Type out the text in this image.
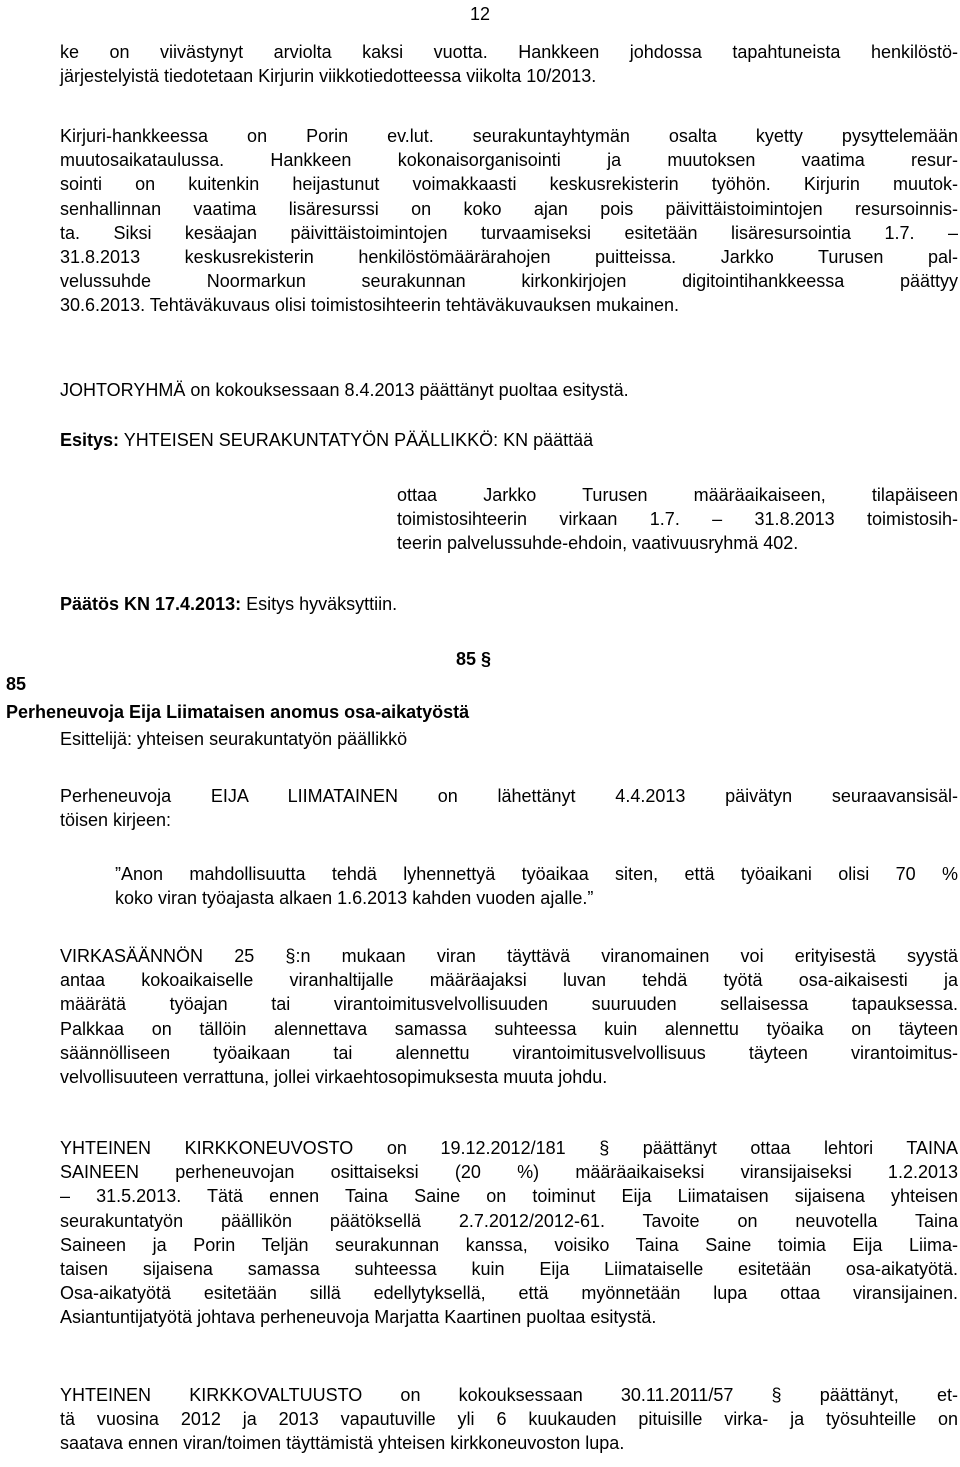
12
ke on viivästynyt arviolta kaksi vuotta. Hankkeen johdossa tapahtuneista henkilöstö-
järjestelyistä tiedotetaan Kirjurin viikkotiedotteessa viikolta 10/2013.
Kirjuri-hankkeessa on Porin ev.lut. seurakuntayhtymän osalta kyetty pysyttelemään
muutosaikataulussa. Hankkeen kokonaisorganisointi ja muutoksen vaatima resur-
sointi on kuitenkin heijastunut voimakkaasti keskusrekisterin työhön. Kirjurin muutok-
senhallinnan vaatima lisäresurssi on koko ajan pois päivittäistoimintojen resursoinnis-
ta. Siksi kesäajan päivittäistoimintojen turvaamiseksi esitetään lisäresursointia 1.7. –
31.8.2013 keskusrekisterin henkilöstömäärärahojen puitteissa. Jarkko Turusen pal-
velussuhde Noormarkun seurakunnan kirkonkirjojen digitointihankkeessa päättyy
30.6.2013. Tehtäväkuvaus olisi toimistosihteerin tehtäväkuvauksen mukainen.
JOHTORYHMÄ on kokouksessaan 8.4.2013 päättänyt puoltaa esitystä.
Esitys: YHTEISEN SEURAKUNTATYÖN PÄÄLLIKKÖ: KN päättää
ottaa Jarkko Turusen määräaikaiseen, tilapäiseen
toimistosihteerin virkaan 1.7. – 31.8.2013 toimistosih-
teerin palvelussuhde-ehdoin, vaativuusryhmä 402.
Päätös KN 17.4.2013: Esitys hyväksyttiin.
85 §
85
Perheneuvoja Eija Liimataisen anomus osa-aikatyöstä
Esittelijä: yhteisen seurakuntatyön päällikkö
Perheneuvoja EIJA LIIMATAINEN on lähettänyt 4.4.2013 päivätyn seuraavansisäl-
töisen kirjeen:
”Anon mahdollisuutta tehdä lyhennettyä työaikaa siten, että työaikani olisi 70 %
koko viran työajasta alkaen 1.6.2013 kahden vuoden ajalle.”
VIRKASÄÄNNÖN 25 §:n mukaan viran täyttävä viranomainen voi erityisestä syystä
antaa kokoaikaiselle viranhaltijalle määräajaksi luvan tehdä työtä osa-aikaisesti ja
määrätä työajan tai virantoimitusvelvollisuuden suuruuden sellaisessa tapauksessa.
Palkkaa on tällöin alennettava samassa suhteessa kuin alennettu työaika on täyteen
säännölliseen työaikaan tai alennettu virantoimitusvelvollisuus täyteen virantoimitus-
velvollisuuteen verrattuna, jollei virkaehtosopimuksesta muuta johdu.
YHTEINEN KIRKKONEUVOSTO on 19.12.2012/181 § päättänyt ottaa lehtori TAINA
SAINEEN perheneuvojan osittaiseksi (20 %) määräaikaiseksi viransijaiseksi 1.2.2013
– 31.5.2013. Tätä ennen Taina Saine on toiminut Eija Liimataisen sijaisena yhteisen
seurakuntatyön päällikön päätöksellä 2.7.2012/2012-61. Tavoite on neuvotella Taina
Saineen ja Porin Teljän seurakunnan kanssa, voisiko Taina Saine toimia Eija Liima-
taisen sijaisena samassa suhteessa kuin Eija Liimataiselle esitetään osa-aikatyötä.
Osa-aikatyötä esitetään sillä edellytyksellä, että myönnetään lupa ottaa viransijainen.
Asiantuntijatyötä johtava perheneuvoja Marjatta Kaartinen puoltaa esitystä.
YHTEINEN KIRKKOVALTUUSTO on kokouksessaan 30.11.2011/57 § päättänyt, et-
tä vuosina 2012 ja 2013 vapautuville yli 6 kuukauden pituisille virka- ja työsuhteille on
saatava ennen viran/toimen täyttämistä yhteisen kirkkoneuvoston lupa.
